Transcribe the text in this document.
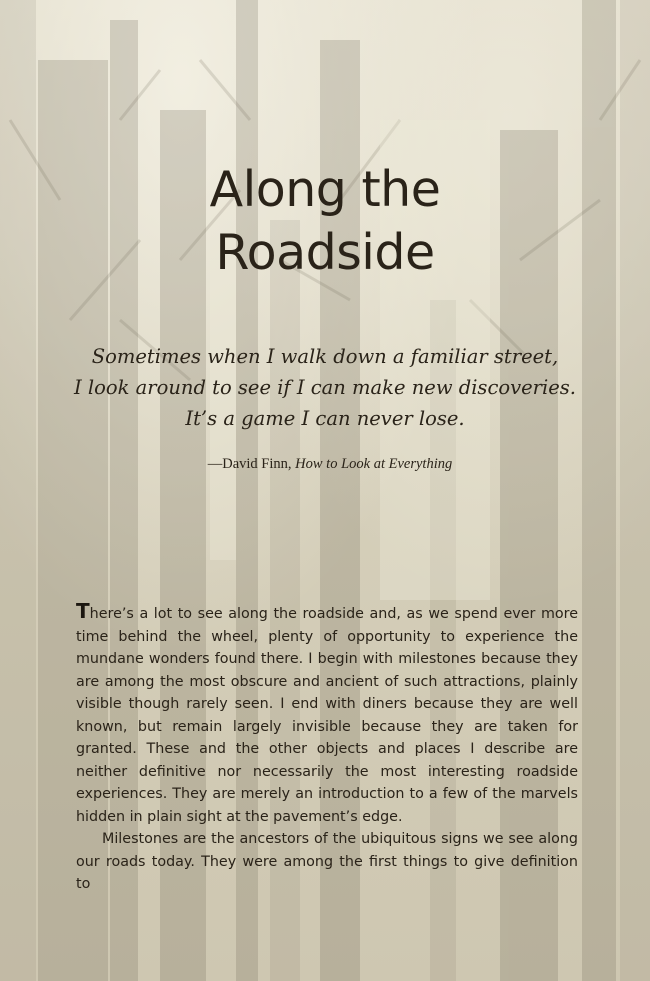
Along the
Roadside

Sometimes when I walk down a familiar street,

I look around to see if I can make new discoveries.

It’s a game I can never lose.

—David Finn, How to Look at Everything

There’s a lot to see along the roadside and, as we spend ever more time behind the wheel, plenty of opportunity to experience the mundane wonders found there. I begin with milestones because they are among the most obscure and ancient of such attractions, plainly visible though rarely seen. I end with diners because they are well known, but remain largely invisible because they are taken for granted. These and the other objects and places I describe are neither definitive nor necessarily the most interesting roadside experiences. They are merely an introduction to a few of the marvels hidden in plain sight at the pavement’s edge.

Milestones are the ancestors of the ubiquitous signs we see along our roads today. They were among the first things to give definition to
